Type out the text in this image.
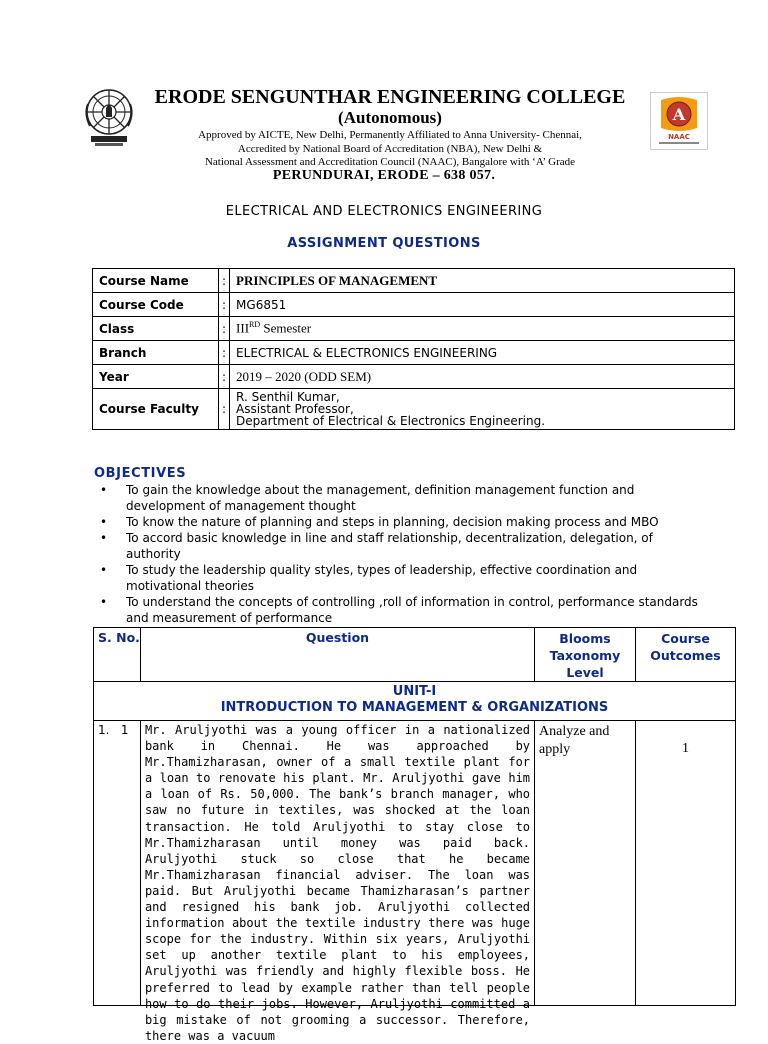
A
NAAC
ERODE SENGUNTHAR ENGINEERING COLLEGE
(Autonomous)
Approved by AICTE, New Delhi, Permanently Affiliated to Anna University- Chennai,
Accredited by National Board of Accreditation (NBA), New Delhi &
National Assessment and Accreditation Council (NAAC), Bangalore with ‘A’ Grade
PERUNDURAI, ERODE – 638 057.
ELECTRICAL AND ELECTRONICS ENGINEERING
ASSIGNMENT QUESTIONS
Course Name	:	PRINCIPLES OF MANAGEMENT
Course Code	:	MG6851
Class	:	IIIRD Semester
Branch	:	ELECTRICAL & ELECTRONICS ENGINEERING
Year	:	2019 – 2020 (ODD SEM)
Course Faculty	:	R. Senthil Kumar,
Assistant Professor,
Department of Electrical & Electronics Engineering.
OBJECTIVES
• To gain the knowledge about the management, definition management function and development of management thought
• To know the nature of planning and steps in planning, decision making process and MBO
• To accord basic knowledge in line and staff relationship, decentralization, delegation, of authority
• To study the leadership quality styles, types of leadership, effective coordination and motivational theories
• To understand the concepts of controlling ,roll of information in control, performance standards and measurement of performance
S. No.	Question	Blooms Taxonomy Level	Course Outcomes

UNIT-I
INTRODUCTION TO MANAGEMENT & ORGANIZATIONS			

1. 1	Mr. Aruljyothi was a young officer in a nationalized bank in Chennai. He was approached by Mr.Thamizharasan, owner of a small textile plant for a loan to renovate his plant. Mr. Aruljyothi gave him a loan of Rs. 50,000. The bank’s branch manager, who saw no future in textiles, was shocked at the loan transaction. He told Aruljyothi to stay close to Mr.Thamizharasan until money was paid back. Aruljyothi stuck so close that he became Mr.Thamizharasan financial adviser. The loan was paid. But Aruljyothi became Thamizharasan’s partner and resigned his bank job. Aruljyothi collected information about the textile industry there was huge scope for the industry. Within six years, Aruljyothi set up another textile plant to his employees, Aruljyothi was friendly and highly flexible boss. He preferred to lead by example rather than tell people how to do their jobs. However, Aruljyothi committed a big mistake of not grooming a successor. Therefore, there was a vacuum	Analyze and apply	1
